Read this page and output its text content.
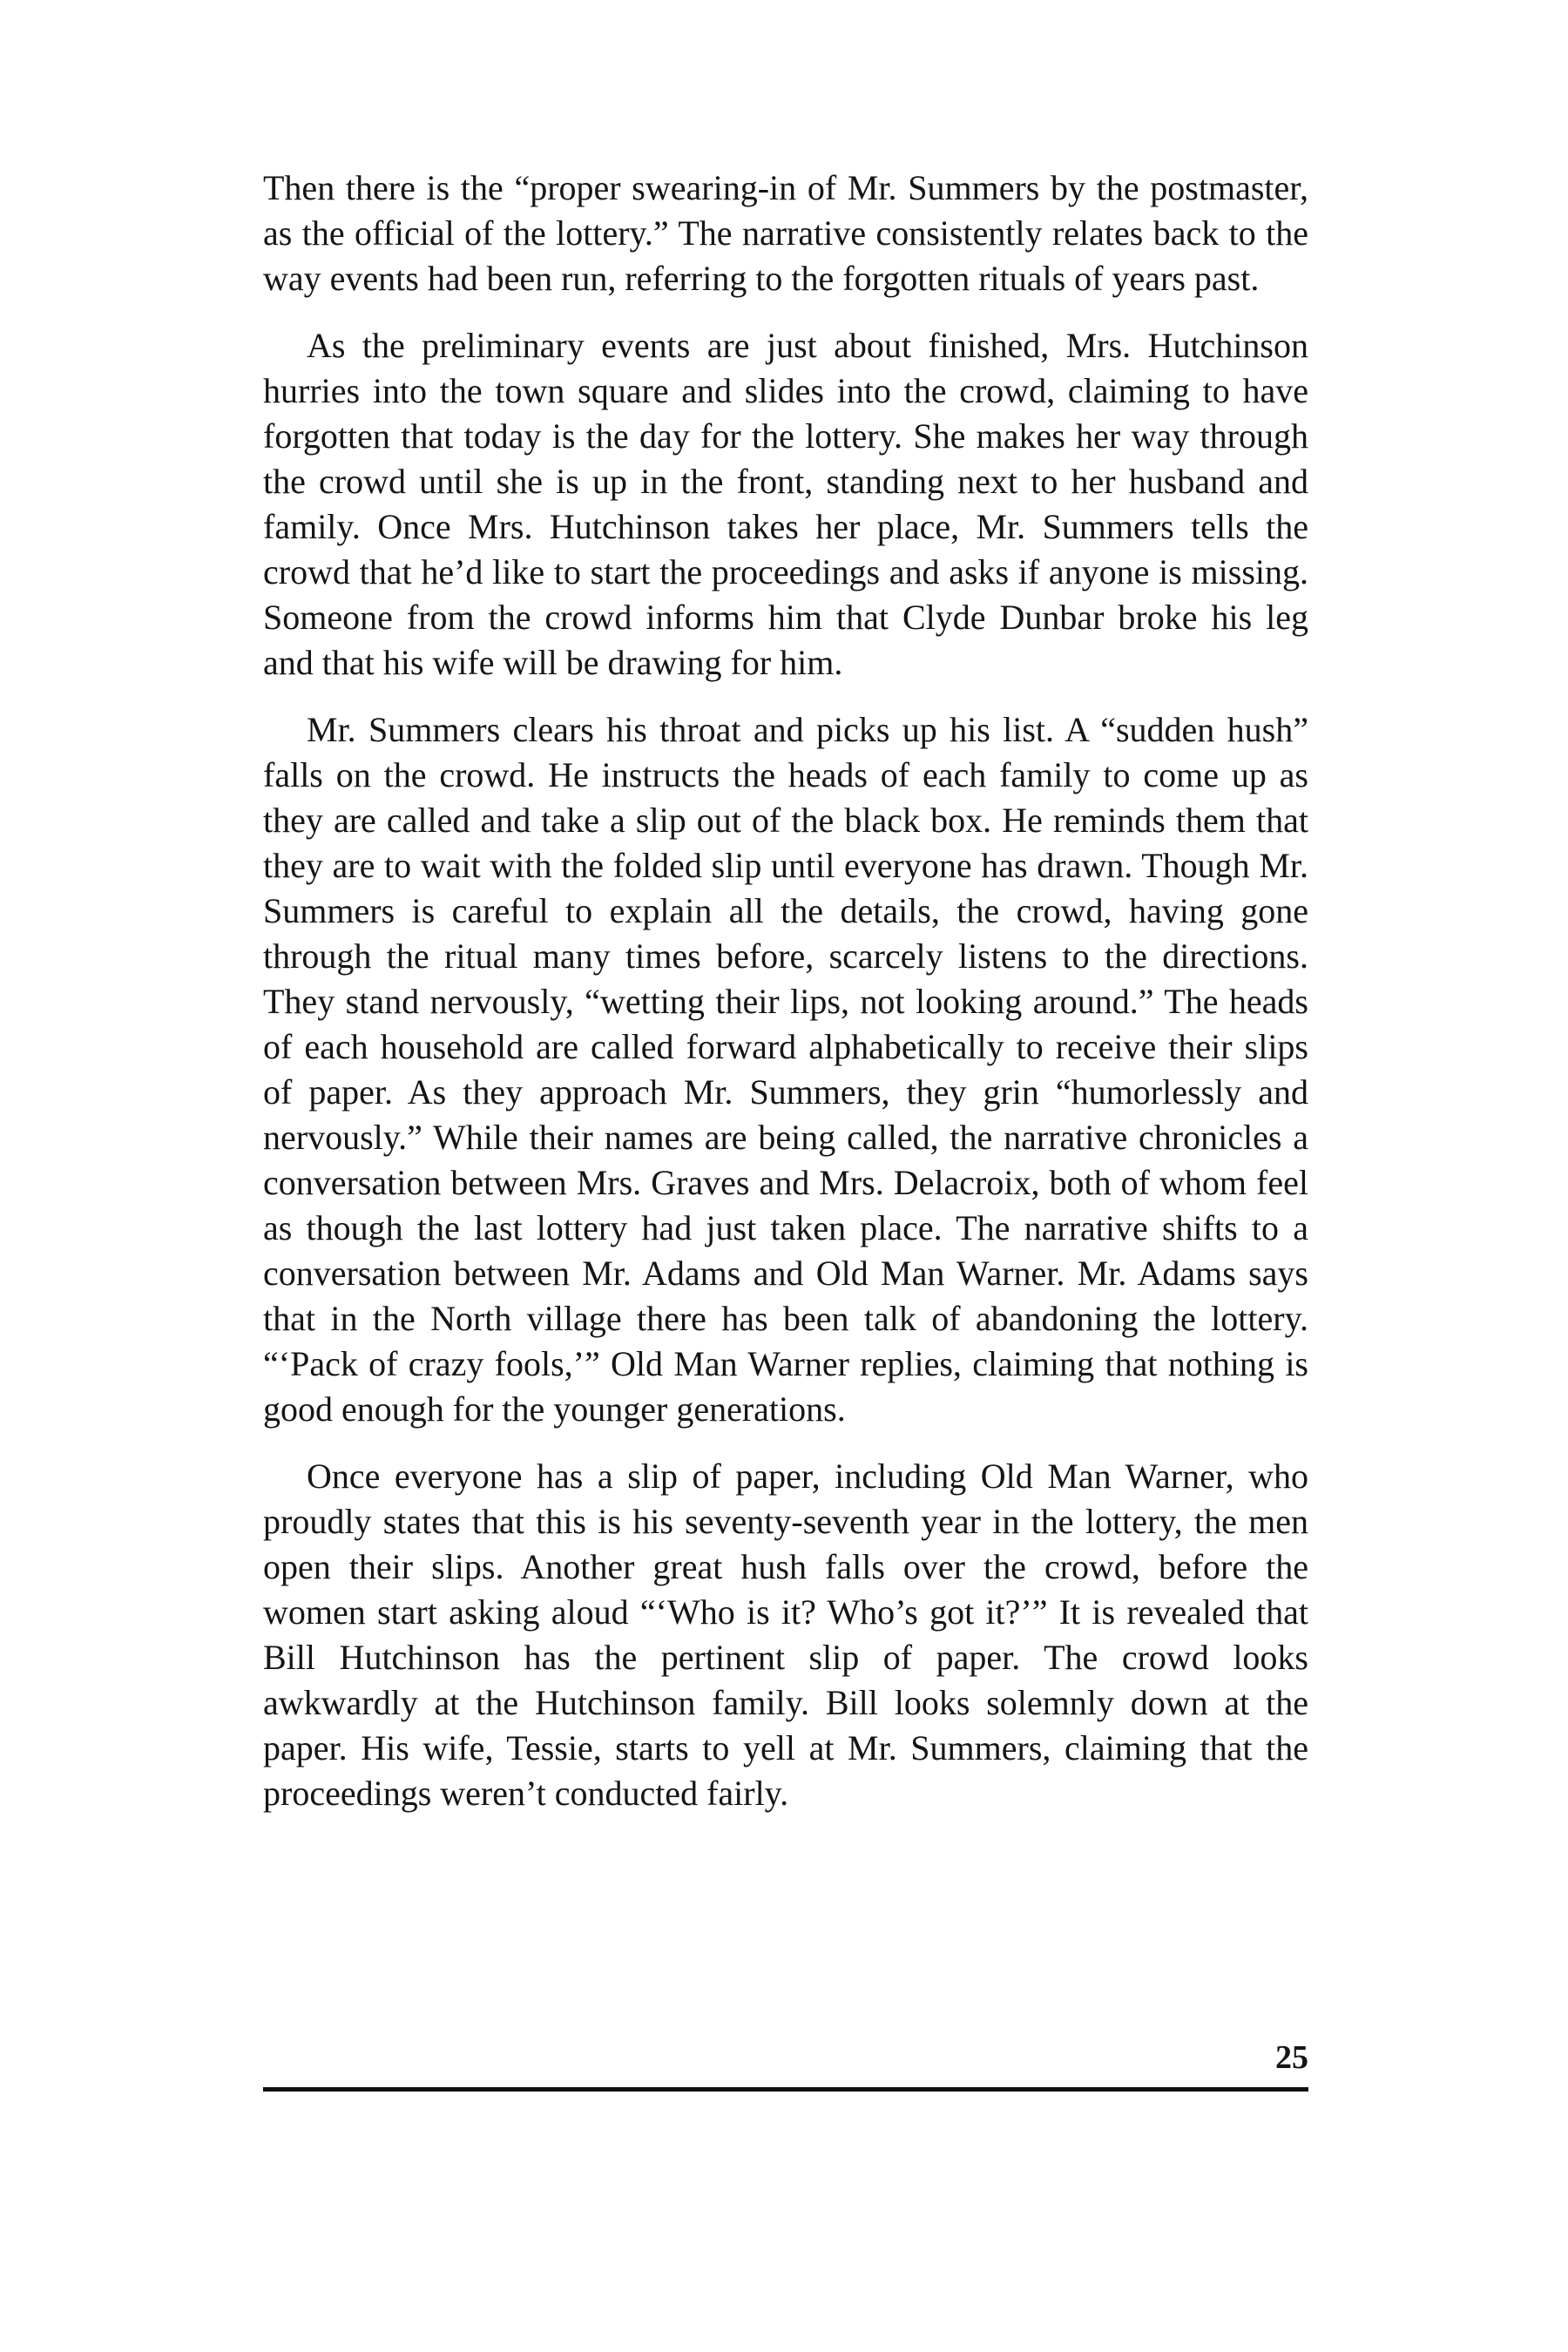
Then there is the “proper swearing-in of Mr. Summers by the postmaster, as the official of the lottery.” The narrative consistently relates back to the way events had been run, referring to the forgotten rituals of years past.

As the preliminary events are just about finished, Mrs. Hutchinson hurries into the town square and slides into the crowd, claiming to have forgotten that today is the day for the lottery. She makes her way through the crowd until she is up in the front, standing next to her husband and family. Once Mrs. Hutchinson takes her place, Mr. Summers tells the crowd that he’d like to start the proceedings and asks if anyone is missing. Someone from the crowd informs him that Clyde Dunbar broke his leg and that his wife will be drawing for him.

Mr. Summers clears his throat and picks up his list. A “sudden hush” falls on the crowd. He instructs the heads of each family to come up as they are called and take a slip out of the black box. He reminds them that they are to wait with the folded slip until everyone has drawn. Though Mr. Summers is careful to explain all the details, the crowd, having gone through the ritual many times before, scarcely listens to the directions. They stand nervously, “wetting their lips, not looking around.” The heads of each household are called forward alphabetically to receive their slips of paper. As they approach Mr. Summers, they grin “humorlessly and nervously.” While their names are being called, the narrative chronicles a conversation between Mrs. Graves and Mrs. Delacroix, both of whom feel as though the last lottery had just taken place. The narrative shifts to a conversation between Mr. Adams and Old Man Warner. Mr. Adams says that in the North village there has been talk of abandoning the lottery. “‘Pack of crazy fools,’” Old Man Warner replies, claiming that nothing is good enough for the younger generations.

Once everyone has a slip of paper, including Old Man Warner, who proudly states that this is his seventy-seventh year in the lottery, the men open their slips. Another great hush falls over the crowd, before the women start asking aloud “‘Who is it? Who’s got it?’” It is revealed that Bill Hutchinson has the pertinent slip of paper. The crowd looks awkwardly at the Hutchinson family. Bill looks solemnly down at the paper. His wife, Tessie, starts to yell at Mr. Summers, claiming that the proceedings weren’t conducted fairly.

25
